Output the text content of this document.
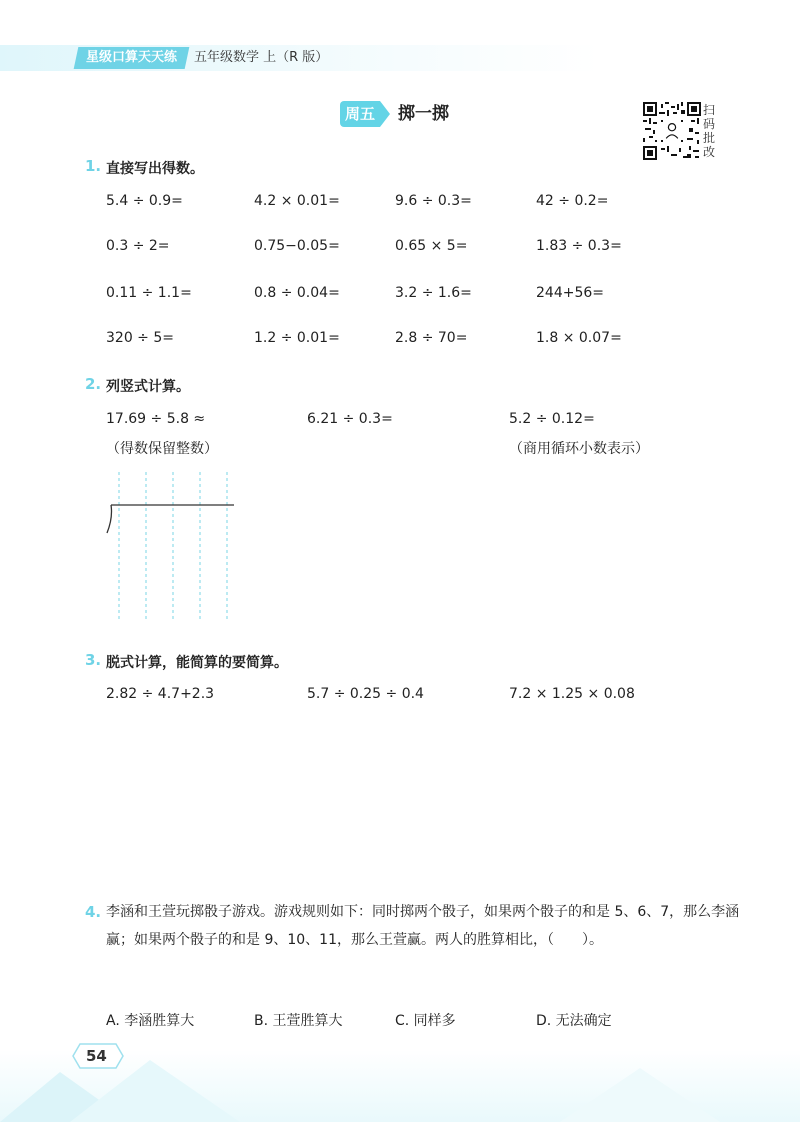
星级口算天天练	五年级数学 上（R 版）
周五 掷一掷	扫码批改
1. 直接写出得数。
5.4 ÷ 0.9=	4.2 × 0.01=	9.6 ÷ 0.3=	42 ÷ 0.2=
0.3 ÷ 2=	0.75−0.05=	0.65 × 5=	1.83 ÷ 0.3=
0.11 ÷ 1.1=	0.8 ÷ 0.04=	3.2 ÷ 1.6=	244+56=
320 ÷ 5=	1.2 ÷ 0.01=	2.8 ÷ 70=	1.8 × 0.07=
2. 列竖式计算。
17.69 ÷ 5.8 ≈
（得数保留整数）
6.21 ÷ 0.3=	5.2 ÷ 0.12=
（商用循环小数表示）
3. 脱式计算，能简算的要简算。
2.82 ÷ 4.7+2.3	5.7 ÷ 0.25 ÷ 0.4	7.2 × 1.25 × 0.08
4. 李涵和王萱玩掷骰子游戏。游戏规则如下：同时掷两个骰子，如果两个骰子的和是 5、6、7，那么李涵赢；如果两个骰子的和是 9、10、11，那么王萱赢。两人的胜算相比，（　　）。
A. 李涵胜算大	B. 王萱胜算大	C. 同样多	D. 无法确定
54
